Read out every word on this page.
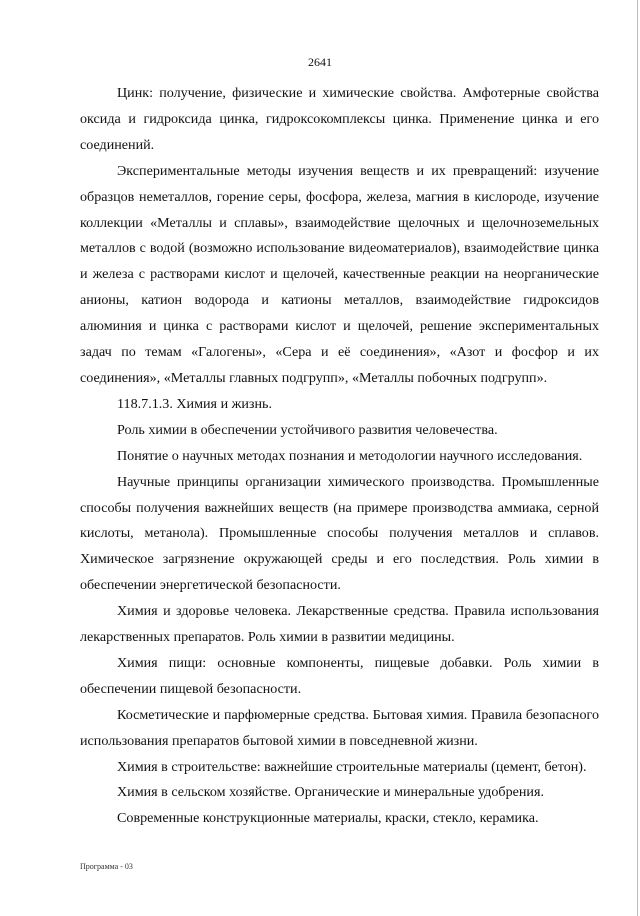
2641

Цинк: получение, физические и химические свойства. Амфотерные свойства оксида и гидроксида цинка, гидроксокомплексы цинка. Применение цинка и его соединений.

Экспериментальные методы изучения веществ и их превращений: изучение образцов неметаллов, горение серы, фосфора, железа, магния в кислороде, изучение коллекции «Металлы и сплавы», взаимодействие щелочных и щелочноземельных металлов с водой (возможно использование видеоматериалов), взаимодействие цинка и железа с растворами кислот и щелочей, качественные реакции на неорганические анионы, катион водорода и катионы металлов, взаимодействие гидроксидов алюминия и цинка с растворами кислот и щелочей, решение экспериментальных задач по темам «Галогены», «Сера и её соединения», «Азот и фосфор и их соединения», «Металлы главных подгрупп», «Металлы побочных подгрупп».

118.7.1.3. Химия и жизнь.

Роль химии в обеспечении устойчивого развития человечества.

Понятие о научных методах познания и методологии научного исследования.

Научные принципы организации химического производства. Промышленные способы получения важнейших веществ (на примере производства аммиака, серной кислоты, метанола). Промышленные способы получения металлов и сплавов. Химическое загрязнение окружающей среды и его последствия. Роль химии в обеспечении энергетической безопасности.

Химия и здоровье человека. Лекарственные средства. Правила использования лекарственных препаратов. Роль химии в развитии медицины.

Химия пищи: основные компоненты, пищевые добавки. Роль химии в обеспечении пищевой безопасности.

Косметические и парфюмерные средства. Бытовая химия. Правила безопасного использования препаратов бытовой химии в повседневной жизни.

Химия в строительстве: важнейшие строительные материалы (цемент, бетон).

Химия в сельском хозяйстве. Органические и минеральные удобрения.

Современные конструкционные материалы, краски, стекло, керамика.

Программа - 03
